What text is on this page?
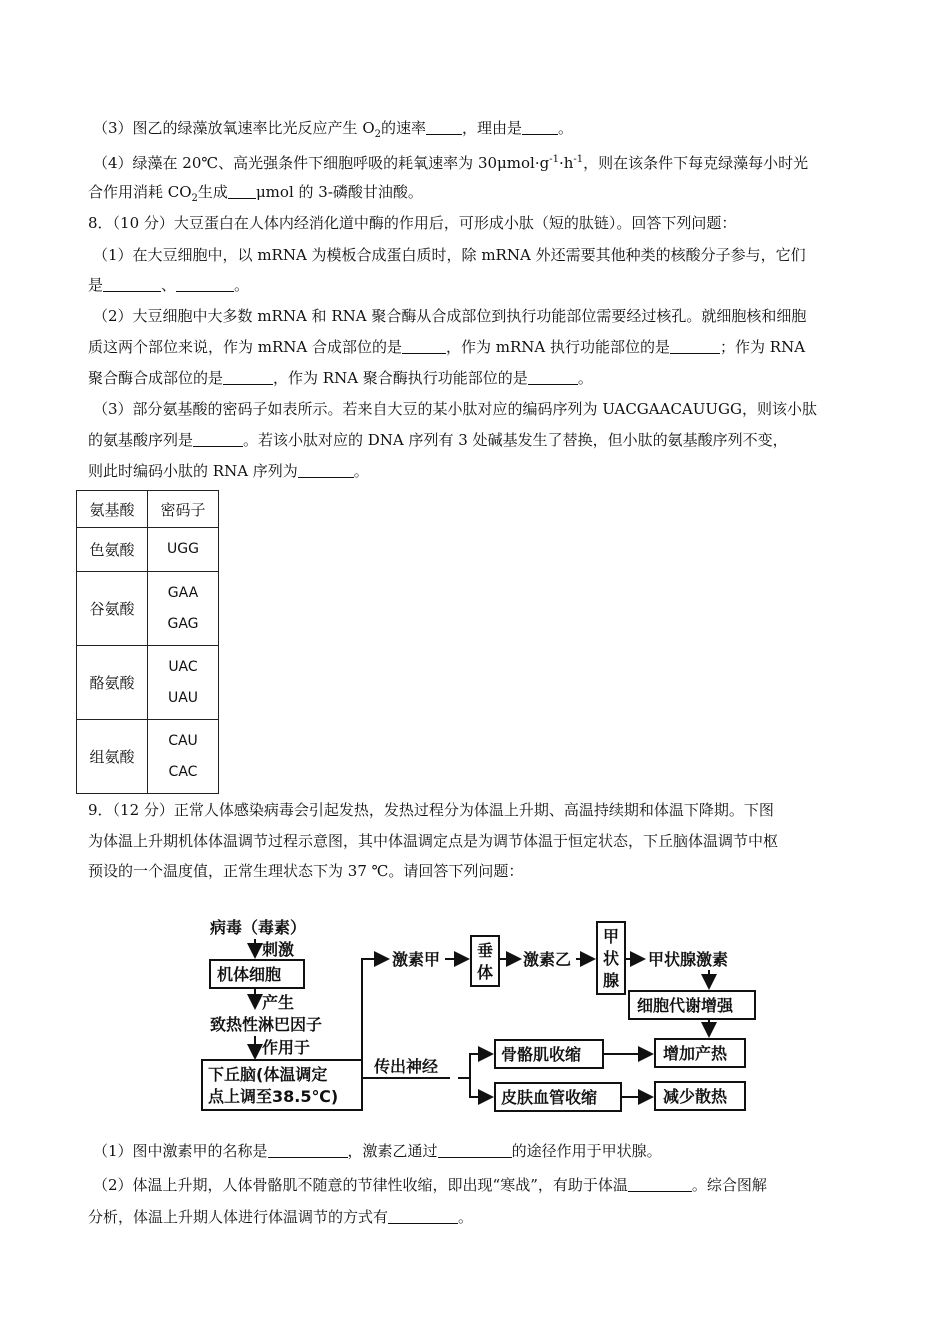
（3）图乙的绿藻放氧速率比光反应产生 $O_2$的速率 ，理由是 。
（4）绿藻在 20℃、高光强条件下细胞呼吸的耗氧速率为 $30\mu mol\cdot g^{-1}\cdot h^{-1}$，则在该条件下每克绿藻每小时光
合作用消耗 $CO_2$生成 μmol 的 3-磷酸甘油酸。
8．（10 分）大豆蛋白在人体内经消化道中酶的作用后，可形成小肽（短的肽链）。回答下列问题：
（1）在大豆细胞中，以 mRNA 为模板合成蛋白质时，除 mRNA 外还需要其他种类的核酸分子参与，它们
是	、	。
（2）大豆细胞中大多数 mRNA 和 RNA 聚合酶从合成部位到执行功能部位需要经过核孔。就细胞核和细胞
质这两个部位来说，作为 mRNA 合成部位的是	，作为 mRNA 执行功能部位的是	；作为 RNA
聚合酶合成部位的是	，作为 RNA 聚合酶执行功能部位的是	。
（3）部分氨基酸的密码子如表所示。若来自大豆的某小肽对应的编码序列为 UACGAACAUUGG，则该小肽
的氨基酸序列是	。若该小肽对应的 DNA 序列有 3 处碱基发生了替换，但小肽的氨基酸序列不变，
则此时编码小肽的 RNA 序列为	。
氨基酸	密码子
色氨酸	UGG

谷氨酸	GAA
GAG

酪氨酸	UAC
UAU

组氨酸	CAU
CAC
9．（12 分）正常人体感染病毒会引起发热，发热过程分为体温上升期、高温持续期和体温下降期。下图
为体温上升期机体体温调节过程示意图，其中体温调定点是为调节体温于恒定状态，下丘脑体温调节中枢
预设的一个温度值，正常生理状态下为 37 ℃。请回答下列问题：
病毒（毒素）
刺激
机体细胞
产生
致热性淋巴因子
作用于
下丘脑(体温调定
点上调至38.5℃)
激素甲 垂
体
激素乙
甲
状
腺
甲状腺激素
细胞代谢增强
传出神经
骨骼肌收缩
皮肤血管收缩
增加产热
减少散热
（1）图中激素甲的名称是	，激素乙通过	的途径作用于甲状腺。
（2）体温上升期，人体骨骼肌不随意的节律性收缩，即出现“寒战”，有助于体温	。综合图解
分析，体温上升期人体进行体温调节的方式有	。
